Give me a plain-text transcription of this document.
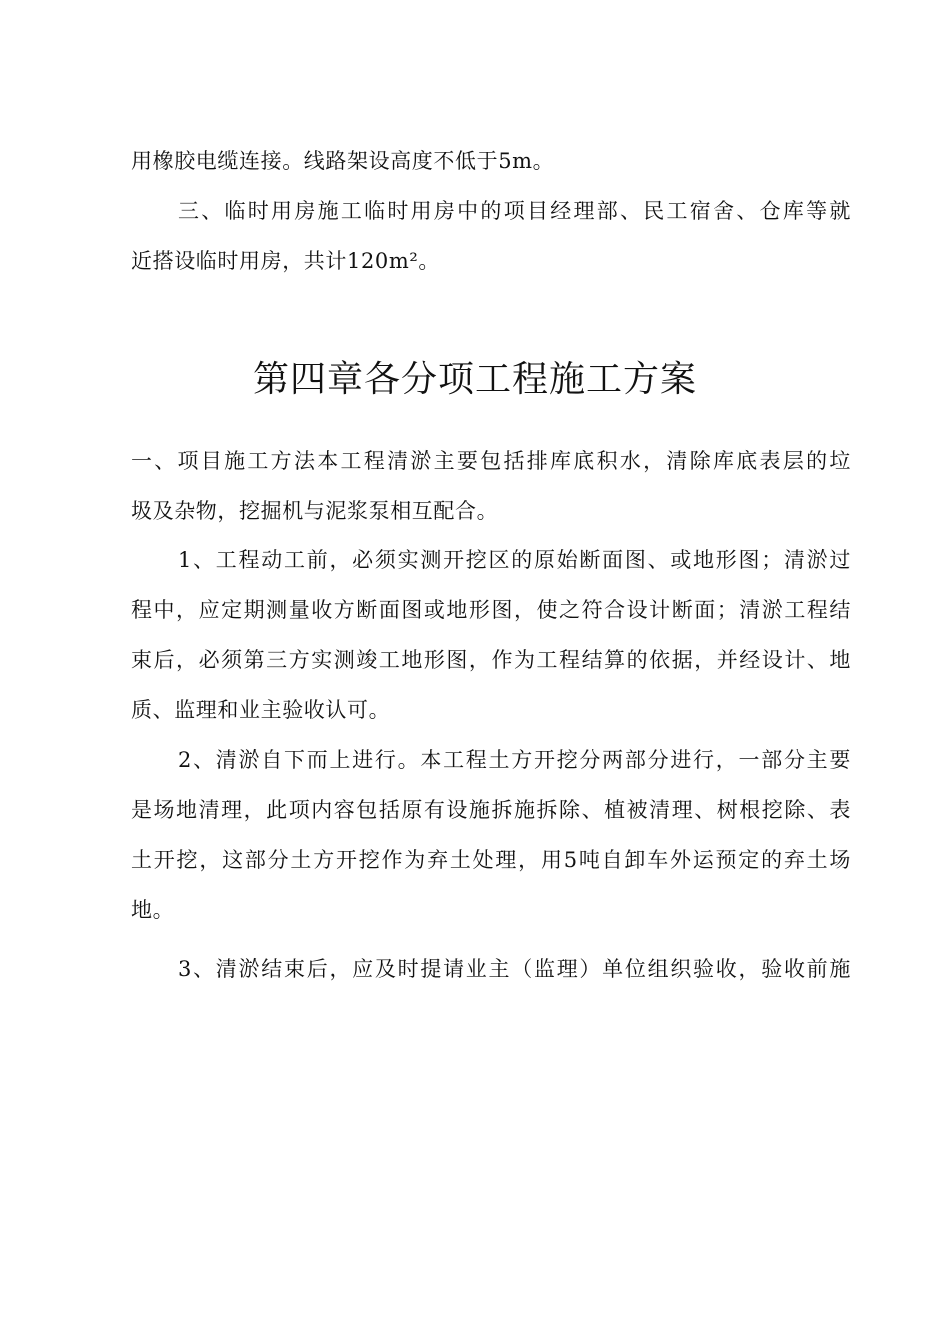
用橡胶电缆连接。线路架设高度不低于5m。
三、临时用房施工临时用房中的项目经理部、民工宿舍、仓库等就
近搭设临时用房，共计120m²。
第四章各分项工程施工方案
一、项目施工方法本工程清淤主要包括排库底积水，清除库底表层的垃
圾及杂物，挖掘机与泥浆泵相互配合。
1、工程动工前，必须实测开挖区的原始断面图、或地形图；清淤过
程中，应定期测量收方断面图或地形图，使之符合设计断面；清淤工程结
束后，必须第三方实测竣工地形图，作为工程结算的依据，并经设计、地
质、监理和业主验收认可。
2、清淤自下而上进行。本工程土方开挖分两部分进行，一部分主要
是场地清理，此项内容包括原有设施拆施拆除、植被清理、树根挖除、表
土开挖，这部分土方开挖作为弃土处理，用5吨自卸车外运预定的弃土场
地。
3、清淤结束后，应及时提请业主（监理）单位组织验收，验收前施
